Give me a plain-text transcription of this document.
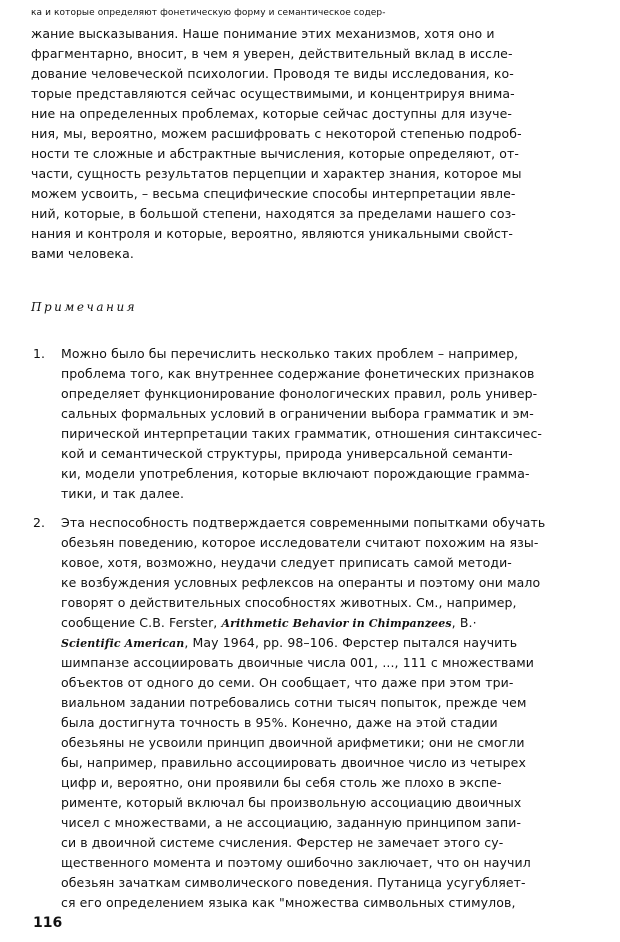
ка и которые определяют фонетическую форму и семантическое содер-
жание высказывания. Наше понимание этих механизмов, хотя оно и
фрагментарно, вносит, в чем я уверен, действительный вклад в иссле-
дование человеческой психологии. Проводя те виды исследования, ко-
торые представляются сейчас осуществимыми, и концентрируя внима-
ние на определенных проблемах, которые сейчас доступны для изуче-
ния, мы, вероятно, можем расшифровать с некоторой степенью подроб-
ности те сложные и абстрактные вычисления, которые определяют, от-
части, сущность результатов перцепции и характер знания, которое мы
можем усвоить, – весьма специфические способы интерпретации явле-
ний, которые, в большой степени, находятся за пределами нашего соз-
нания и контроля и которые, вероятно, являются уникальными свойст-
вами человека.
Примечания
1. Можно было бы перечислить несколько таких проблем – например,
проблема того, как внутреннее содержание фонетических признаков
определяет функционирование фонологических правил, роль универ-
сальных формальных условий в ограничении выбора грамматик и эм-
пирической интерпретации таких грамматик, отношения синтаксичес-
кой и семантической структуры, природа универсальной семанти-
ки, модели употребления, которые включают порождающие грамма-
тики, и так далее.
2. Эта неспособность подтверждается современными попытками обучать
обезьян поведению, которое исследователи считают похожим на язы-
ковое, хотя, возможно, неудачи следует приписать самой методи-
ке возбуждения условных рефлексов на операнты и поэтому они мало
говорят о действительных способностях животных. См., например,
сообщение C.B. Ferster, Arithmetic Behavior in Chimpanzees, В.·
Scientific American, May 1964, pp. 98–106. Ферстер пытался научить
шимпанзе ассоциировать двоичные числа 001, ..., 111 с множествами
объектов от одного до семи. Он сообщает, что даже при этом три-
виальном задании потребовались сотни тысяч попыток, прежде чем
была достигнута точность в 95%. Конечно, даже на этой стадии
обезьяны не усвоили принцип двоичной арифметики; они не смогли
бы, например, правильно ассоциировать двоичное число из четырех
цифр и, вероятно, они проявили бы себя столь же плохо в экспе-
рименте, который включал бы произвольную ассоциацию двоичных
чисел с множествами, а не ассоциацию, заданную принципом запи-
си в двоичной системе счисления. Ферстер не замечает этого су-
щественного момента и поэтому ошибочно заключает, что он научил
обезьян зачаткам символического поведения. Путаница усугубляет-
ся его определением языка как "множества символьных стимулов,
116
